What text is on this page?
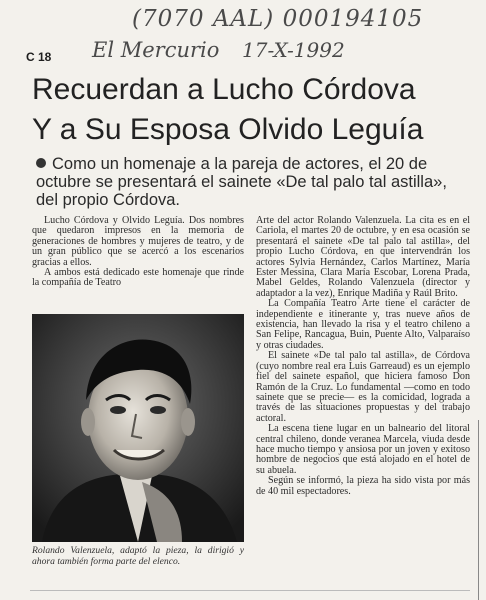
(7070 AAL) 000194105
El Mercurio 17-X-1992
C 18
Recuerdan a Lucho Córdova
Y a Su Esposa Olvido Leguía
Como un homenaje a la pareja de actores, el 20 de octubre se presentará el sainete «De tal palo tal astilla», del propio Córdova.

Lucho Córdova y Olvido Leguía. Dos nombres que quedaron impresos en la memoria de generaciones de hombres y mujeres de teatro, y de un gran público que se acercó a los escenarios gracias a ellos.

A ambos está dedicado este homenaje que rinde la compañía de Teatro

Rolando Valenzuela, adaptó la pieza, la dirigió y ahora también forma parte del elenco.

Arte del actor Rolando Valenzuela. La cita es en el Cariola, el martes 20 de octubre, y en esa ocasión se presentará el sainete «De tal palo tal astilla», del propio Lucho Córdova, en que intervendrán los actores Sylvia Hernández, Carlos Martínez, María Ester Messina, Clara María Escobar, Lorena Prada, Mabel Geldes, Rolando Valenzuela (director y adaptador a la vez), Enrique Madiña y Raúl Brito.

La Compañía Teatro Arte tiene el carácter de independiente e itinerante y, tras nueve años de existencia, han llevado la risa y el teatro chileno a San Felipe, Rancagua, Buin, Puente Alto, Valparaíso y otras ciudades.

El sainete «De tal palo tal astilla», de Córdova (cuyo nombre real era Luis Garreaud) es un ejemplo fiel del sainete español, que hiciera famoso Don Ramón de la Cruz. Lo fundamental —como en todo sainete que se precie— es la comicidad, lograda a través de las situaciones propuestas y del trabajo actoral.

La escena tiene lugar en un balneario del litoral central chileno, donde veranea Marcela, viuda desde hace mucho tiempo y ansiosa por un joven y exitoso hombre de negocios que está alojado en el hotel de su abuela.

Según se informó, la pieza ha sido vista por más de 40 mil espectadores.
